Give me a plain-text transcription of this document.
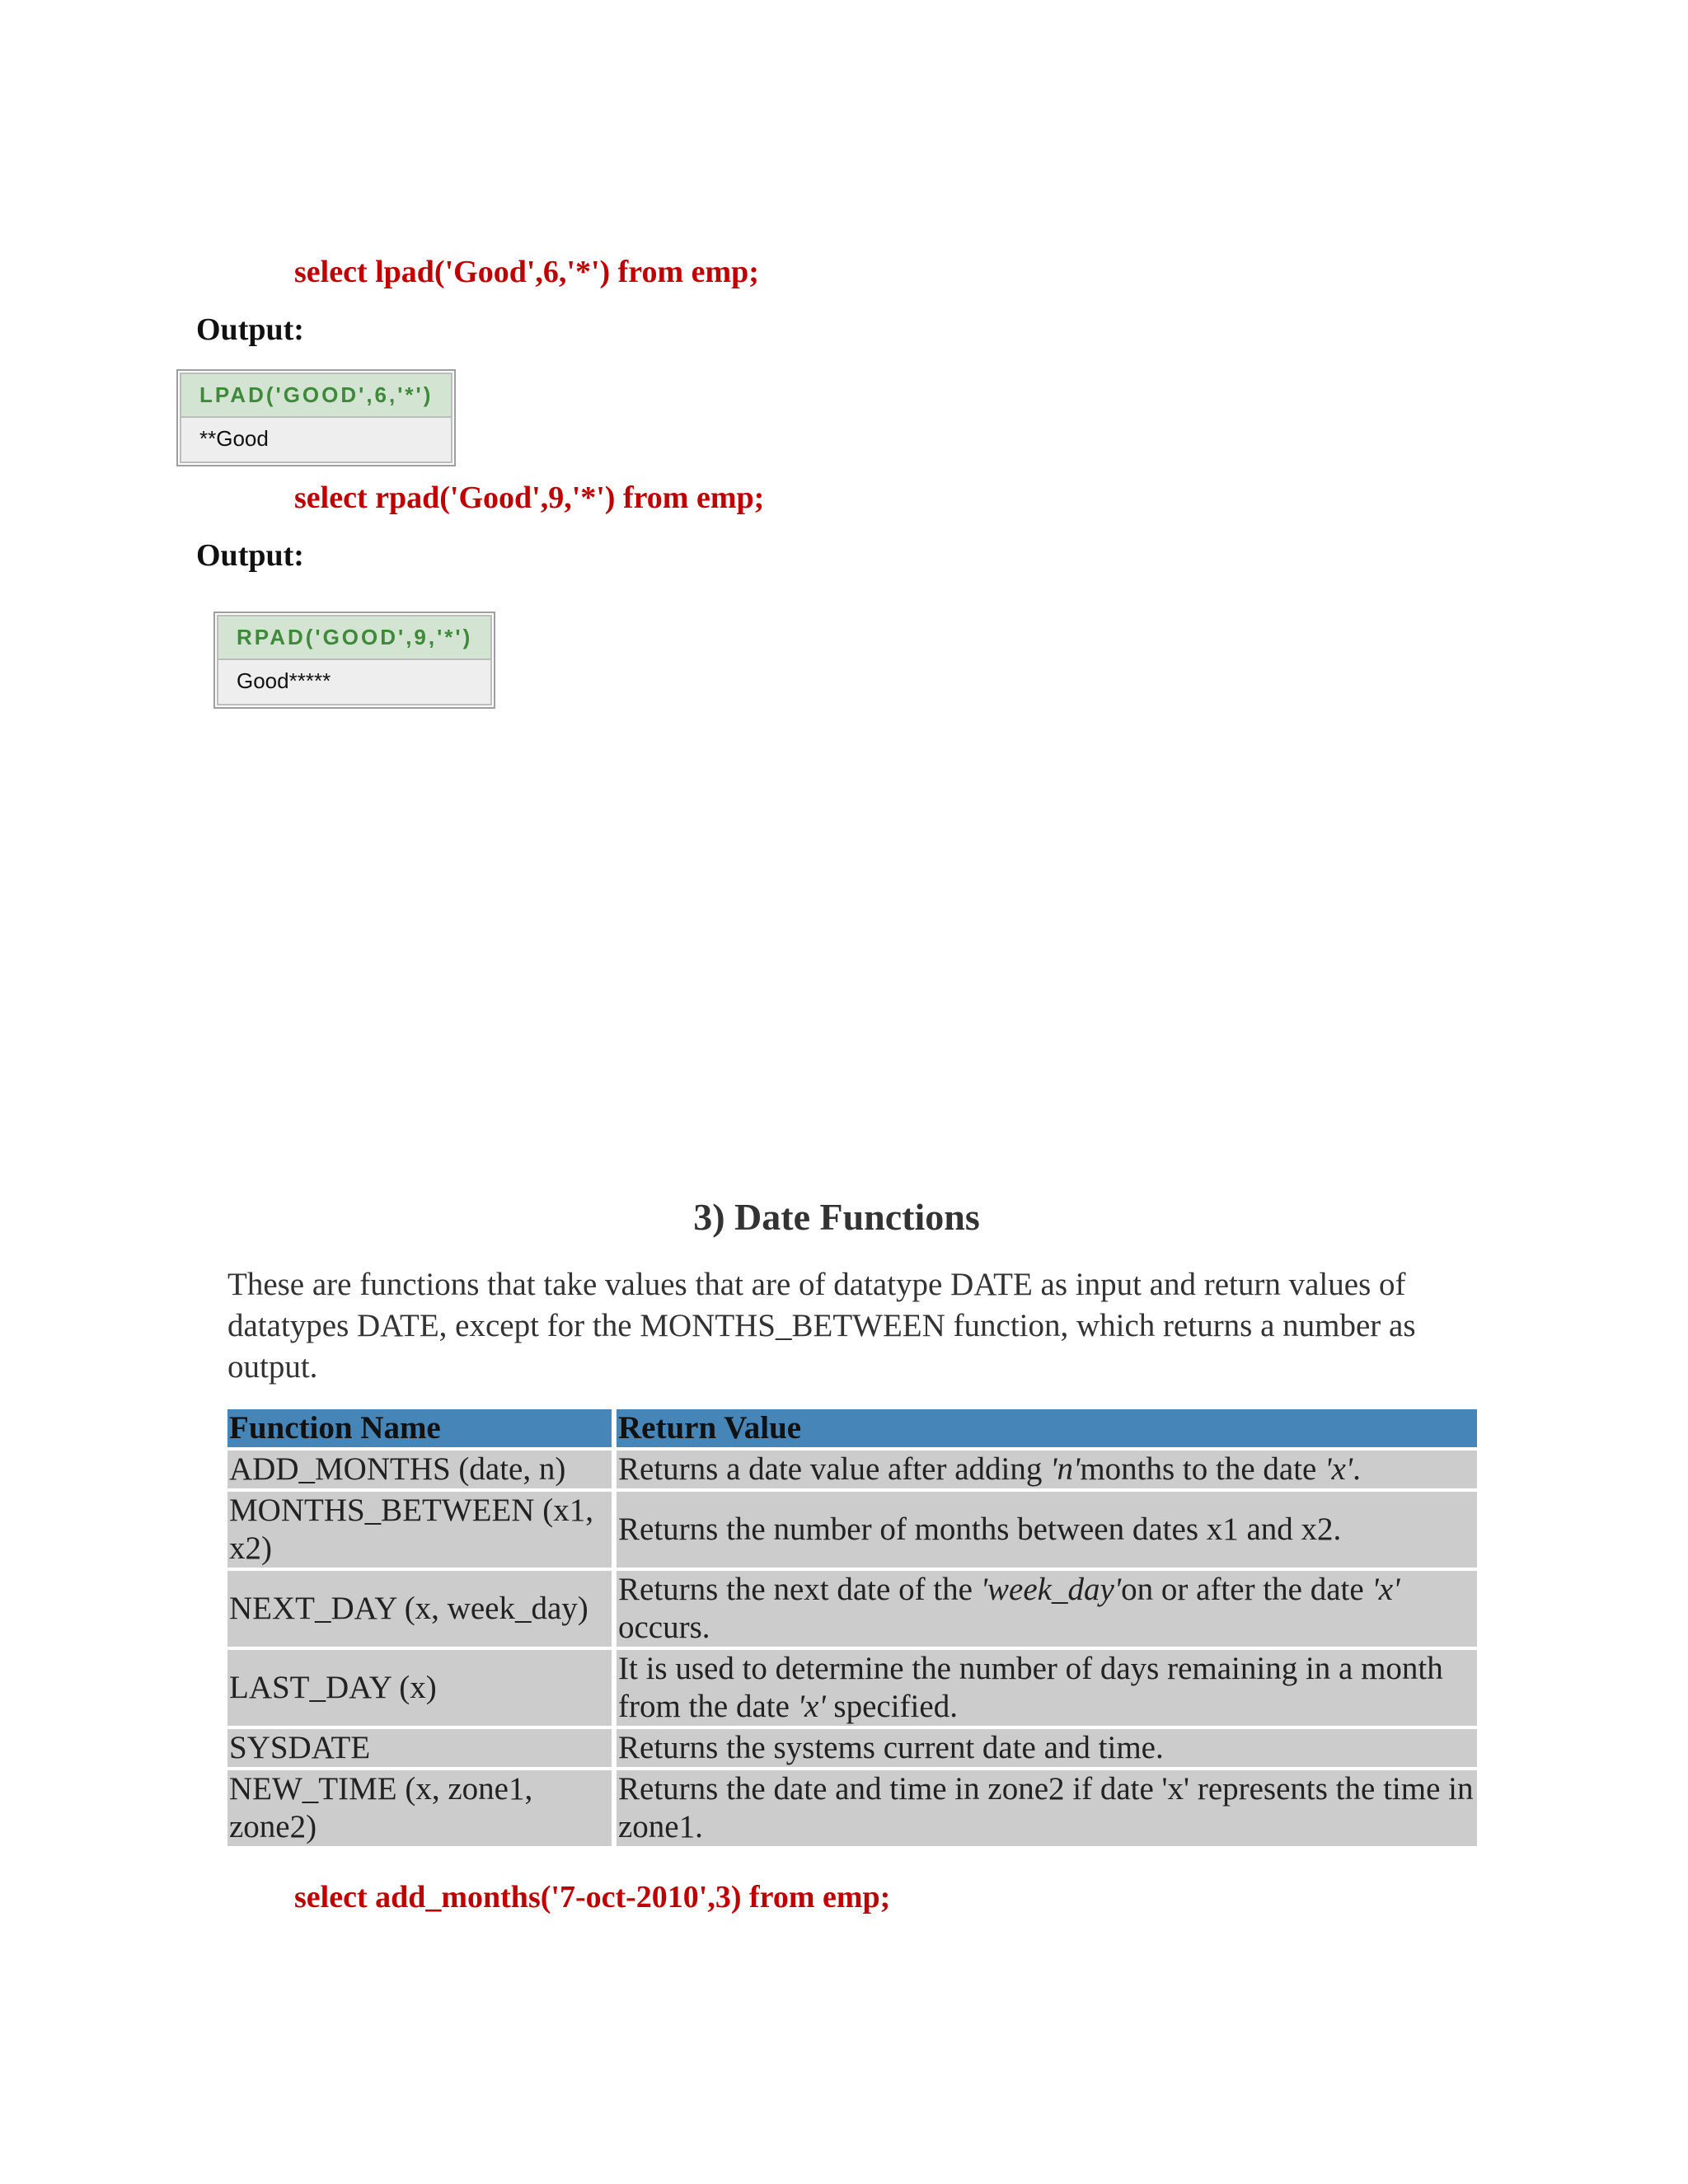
select lpad('Good',6,'*') from emp;
Output:
LPAD('GOOD',6,'*')
**Good
select rpad('Good',9,'*') from emp;
Output:
RPAD('GOOD',9,'*')
Good*****
3) Date Functions
These are functions that take values that are of datatype DATE as input and return values of datatypes DATE, except for the MONTHS_BETWEEN function, which returns a number as output.
Function Name		Return Value
ADD_MONTHS (date, n)		Returns a date value after adding 'n'months to the date 'x'.
MONTHS_BETWEEN (x1, x2)		Returns the number of months between dates x1 and x2.
NEXT_DAY (x, week_day)		Returns the next date of the 'week_day'on or after the date 'x' occurs.
LAST_DAY (x)		It is used to determine the number of days remaining in a month from the date 'x' specified.
SYSDATE		Returns the systems current date and time.
NEW_TIME (x, zone1, zone2)		Returns the date and time in zone2 if date 'x' represents the time in zone1.
select add_months('7-oct-2010',3) from emp;
